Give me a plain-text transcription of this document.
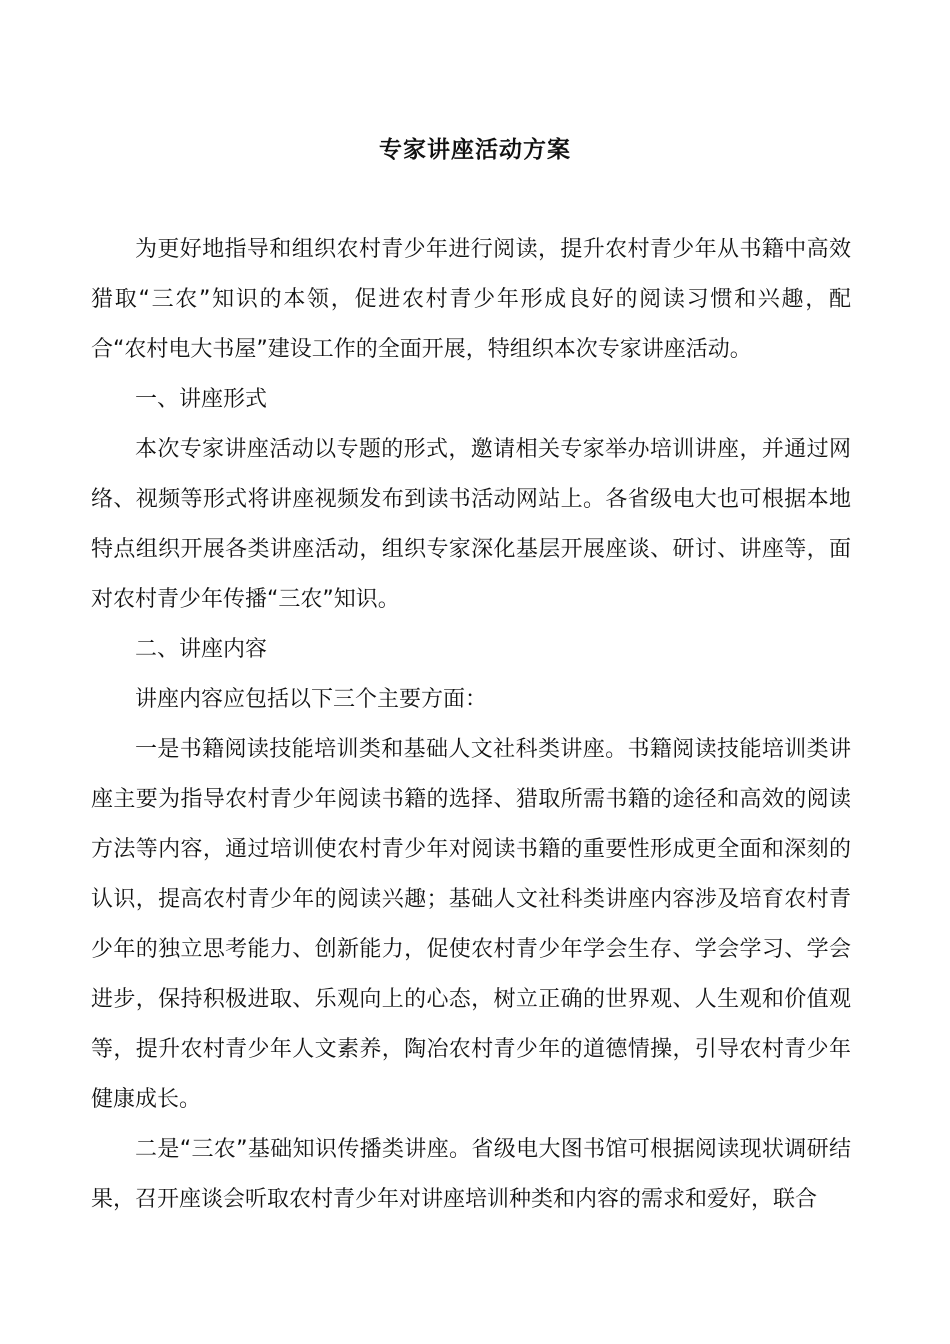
专家讲座活动方案

为更好地指导和组织农村青少年进行阅读，提升农村青少年从书籍中高效猎取“三农”知识的本领，促进农村青少年形成良好的阅读习惯和兴趣，配合“农村电大书屋”建设工作的全面开展，特组织本次专家讲座活动。

一、讲座形式

本次专家讲座活动以专题的形式，邀请相关专家举办培训讲座，并通过网络、视频等形式将讲座视频发布到读书活动网站上。各省级电大也可根据本地特点组织开展各类讲座活动，组织专家深化基层开展座谈、研讨、讲座等，面对农村青少年传播“三农”知识。

二、讲座内容

讲座内容应包括以下三个主要方面：

一是书籍阅读技能培训类和基础人文社科类讲座。书籍阅读技能培训类讲座主要为指导农村青少年阅读书籍的选择、猎取所需书籍的途径和高效的阅读方法等内容，通过培训使农村青少年对阅读书籍的重要性形成更全面和深刻的认识，提高农村青少年的阅读兴趣；基础人文社科类讲座内容涉及培育农村青少年的独立思考能力、创新能力，促使农村青少年学会生存、学会学习、学会进步，保持积极进取、乐观向上的心态，树立正确的世界观、人生观和价值观等，提升农村青少年人文素养，陶冶农村青少年的道德情操，引导农村青少年健康成长。

二是“三农”基础知识传播类讲座。省级电大图书馆可根据阅读现状调研结果，召开座谈会听取农村青少年对讲座培训种类和内容的需求和爱好，联合
